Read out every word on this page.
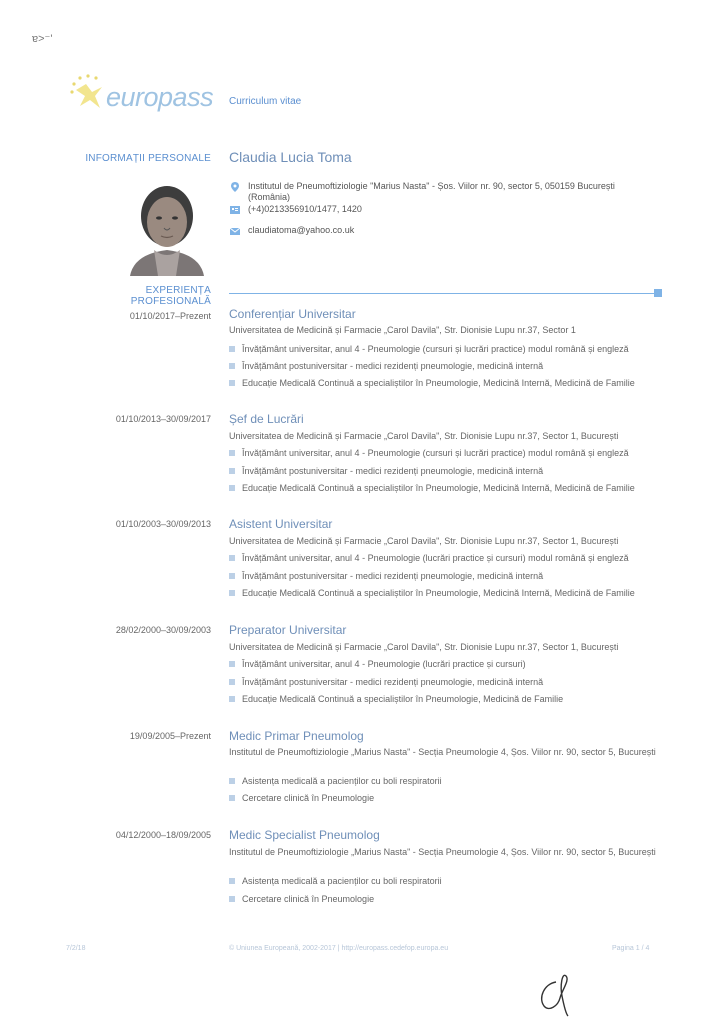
ɐ>⁻'
europass Curriculum vitae
INFORMAȚII PERSONALE Claudia Lucia Toma
Institutul de Pneumoftiziologie "Marius Nasta" - Șos. Viilor nr. 90, sector 5, 050159 București
(România)
(+4)0213356910/1477, 1420
claudiatoma@yahoo.co.uk
EXPERIENȚA PROFESIONALĂ
01/10/2017–Prezent Conferențiar Universitar
Universitatea de Medicină și Farmacie „Carol Davila", Str. Dionisie Lupu nr.37, Sector 1
Învățământ universitar, anul 4 - Pneumologie (cursuri și lucrări practice) modul română și engleză
Învățământ postuniversitar - medici rezidenți pneumologie, medicină internă
Educație Medicală Continuă a specialiștilor în Pneumologie, Medicină Internă, Medicină de Familie
01/10/2013–30/09/2017 Șef de Lucrări
Universitatea de Medicină și Farmacie „Carol Davila", Str. Dionisie Lupu nr.37, Sector 1, București
Învățământ universitar, anul 4 - Pneumologie (cursuri și lucrări practice) modul română și engleză
Învățământ postuniversitar - medici rezidenți pneumologie, medicină internă
Educație Medicală Continuă a specialiștilor în Pneumologie, Medicină Internă, Medicină de Familie
01/10/2003–30/09/2013 Asistent Universitar
Universitatea de Medicină și Farmacie „Carol Davila", Str. Dionisie Lupu nr.37, Sector 1, București
Învățământ universitar, anul 4 - Pneumologie (lucrări practice și cursuri) modul română și engleză
Învățământ postuniversitar - medici rezidenți pneumologie, medicină internă
Educație Medicală Continuă a specialiștilor în Pneumologie, Medicină Internă, Medicină de Familie
28/02/2000–30/09/2003 Preparator Universitar
Universitatea de Medicină și Farmacie „Carol Davila", Str. Dionisie Lupu nr.37, Sector 1, București
Învățământ universitar, anul 4 - Pneumologie (lucrări practice și cursuri)
Învățământ postuniversitar - medici rezidenți pneumologie, medicină internă
Educație Medicală Continuă a specialiștilor în Pneumologie, Medicină de Familie
19/09/2005–Prezent Medic Primar Pneumolog
Institutul de Pneumoftiziologie „Marius Nasta" - Secția Pneumologie 4, Șos. Viilor nr. 90, sector 5, București
Asistența medicală a pacienților cu boli respiratorii
Cercetare clinică în Pneumologie
04/12/2000–18/09/2005 Medic Specialist Pneumolog
Institutul de Pneumoftiziologie „Marius Nasta" - Secția Pneumologie 4, Șos. Viilor nr. 90, sector 5, București
Asistența medicală a pacienților cu boli respiratorii
Cercetare clinică în Pneumologie
7/2/18	© Uniunea Europeană, 2002-2017 | http://europass.cedefop.europa.eu	Pagina 1 / 4
